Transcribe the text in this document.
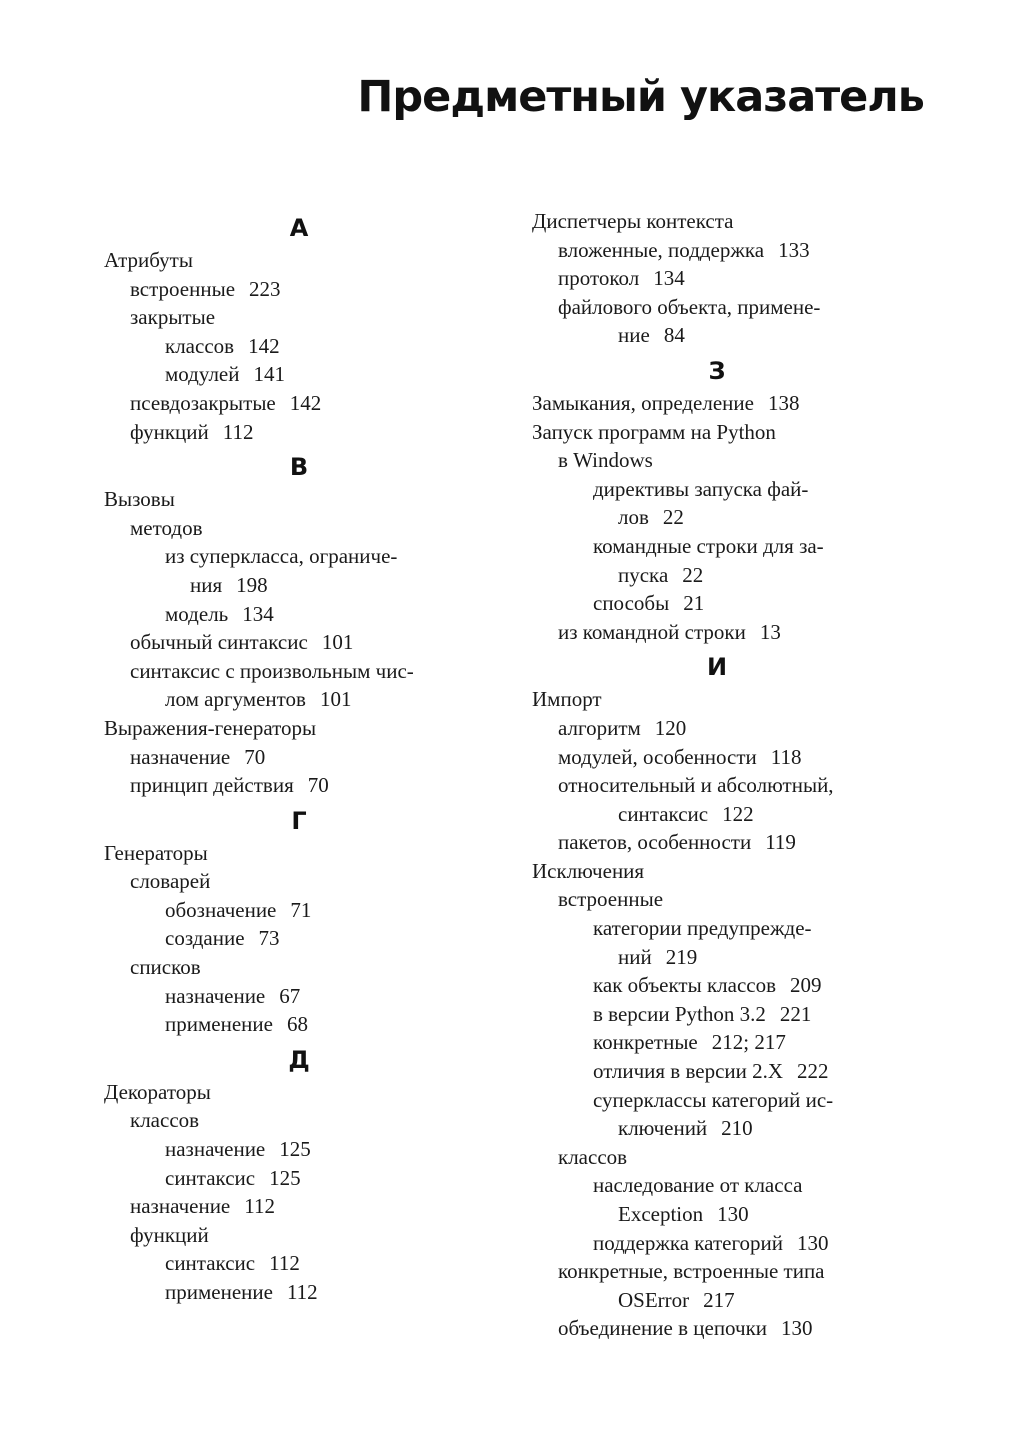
Предметный указатель
А
Атрибуты
встроенные 223
закрытые
классов 142
модулей 141
псевдозакрытые 142
функций 112
В
Вызовы
методов
из суперкласса, ограниче-
ния 198
модель 134
обычный синтаксис 101
синтаксис с произвольным чис-
лом аргументов 101
Выражения-генераторы
назначение 70
принцип действия 70
Г
Генераторы
словарей
обозначение 71
создание 73
списков
назначение 67
применение 68
Д
Декораторы
классов
назначение 125
синтаксис 125
назначение 112
функций
синтаксис 112
применение 112
Диспетчеры контекста
вложенные, поддержка 133
протокол 134
файлового объекта, примене-
ние 84
З
Замыкания, определение 138
Запуск программ на Python
в Windows
директивы запуска фай-
лов 22
командные строки для за-
пуска 22
способы 21
из командной строки 13
И
Импорт
алгоритм 120
модулей, особенности 118
относительный и абсолютный,
синтаксис 122
пакетов, особенности 119
Исключения
встроенные
категории предупрежде-
ний 219
как объекты классов 209
в версии Python 3.2 221
конкретные 212; 217
отличия в версии 2.X 222
суперклассы категорий ис-
ключений 210
классов
наследование от класса
Exception 130
поддержка категорий 130
конкретные, встроенные типа
OSError 217
объединение в цепочки 130
